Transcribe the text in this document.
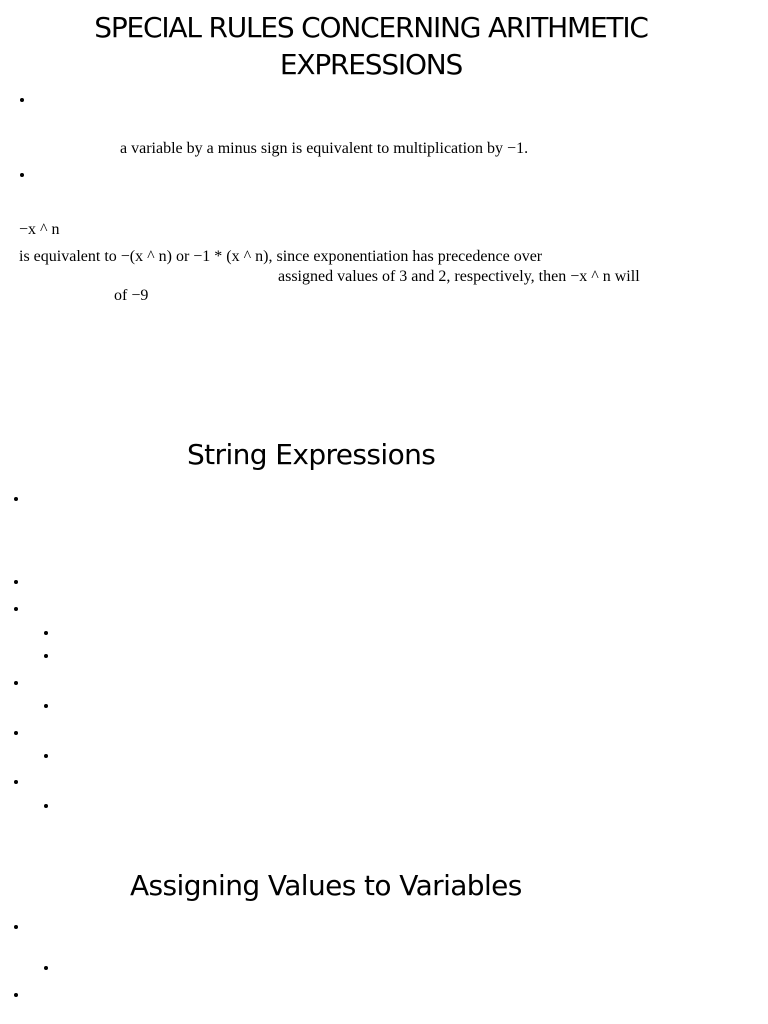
SPECIAL RULES CONCERNING ARITHMETIC
EXPRESSIONS
a variable by a minus sign is equivalent to multiplication by −1.
−x ^ n
is equivalent to −(x ^ n) or −1 * (x ^ n), since exponentiation has precedence over
assigned values of 3 and 2, respectively, then −x ^ n will
of −9
String Expressions
Assigning Values to Variables
